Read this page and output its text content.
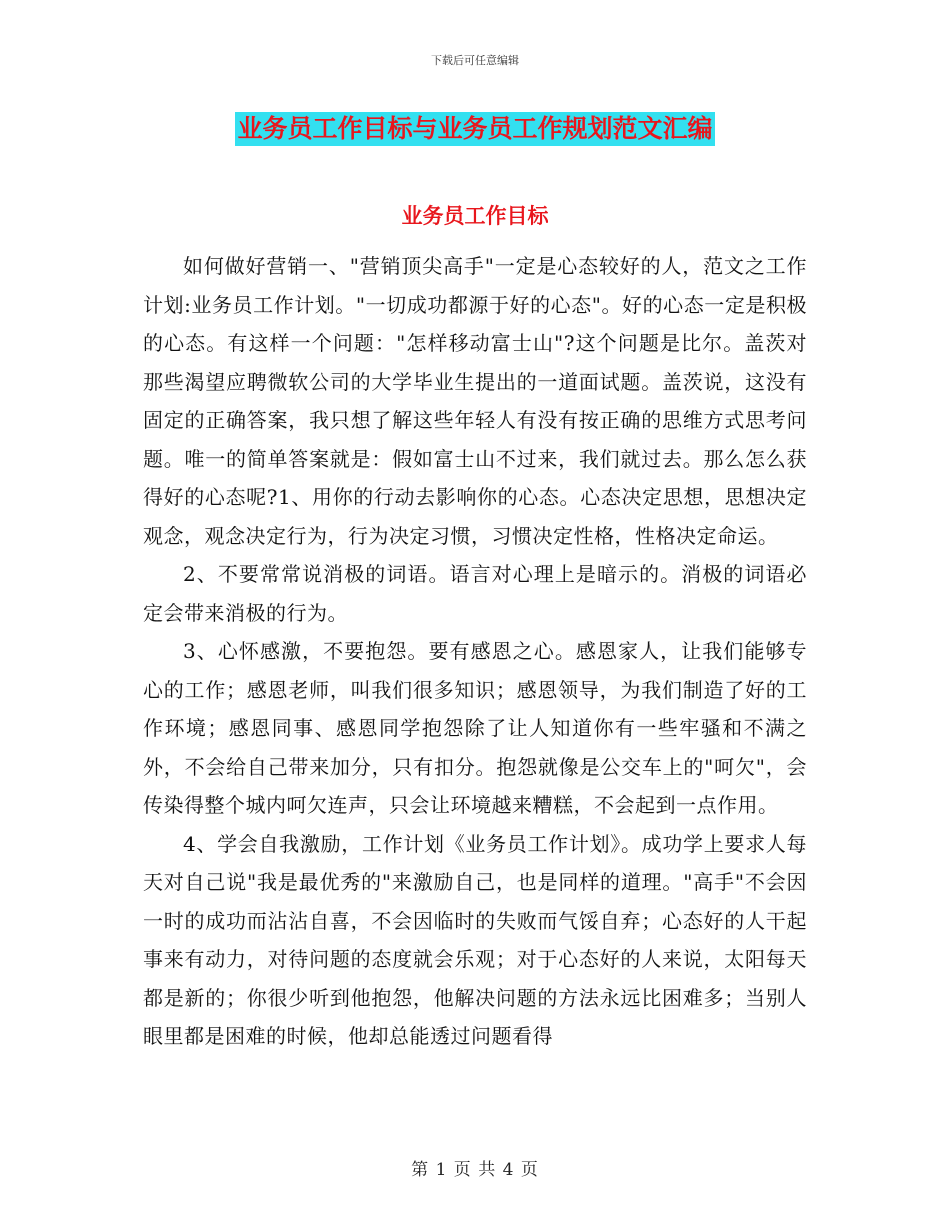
下载后可任意编辑
业务员工作目标与业务员工作规划范文汇编
业务员工作目标

如何做好营销一、"营销顶尖高手"一定是心态较好的人，范文之工作计划:业务员工作计划。"一切成功都源于好的心态"。好的心态一定是积极的心态。有这样一个问题："怎样移动富士山"?这个问题是比尔。盖茨对那些渴望应聘微软公司的大学毕业生提出的一道面试题。盖茨说，这没有固定的正确答案，我只想了解这些年轻人有没有按正确的思维方式思考问题。唯一的简单答案就是：假如富士山不过来，我们就过去。那么怎么获得好的心态呢?1、用你的行动去影响你的心态。心态决定思想，思想决定观念，观念决定行为，行为决定习惯，习惯决定性格，性格决定命运。

2、不要常常说消极的词语。语言对心理上是暗示的。消极的词语必定会带来消极的行为。

3、心怀感激，不要抱怨。要有感恩之心。感恩家人，让我们能够专心的工作；感恩老师，叫我们很多知识；感恩领导，为我们制造了好的工作环境；感恩同事、感恩同学抱怨除了让人知道你有一些牢骚和不满之外，不会给自己带来加分，只有扣分。抱怨就像是公交车上的"呵欠"，会传染得整个城内呵欠连声，只会让环境越来糟糕，不会起到一点作用。

4、学会自我激励，工作计划《业务员工作计划》。成功学上要求人每天对自己说"我是最优秀的"来激励自己，也是同样的道理。"高手"不会因一时的成功而沾沾自喜，不会因临时的失败而气馁自弃；心态好的人干起事来有动力，对待问题的态度就会乐观；对于心态好的人来说，太阳每天都是新的；你很少听到他抱怨，他解决问题的方法永远比困难多；当别人眼里都是困难的时候，他却总能透过问题看得

第 1 页 共 4 页
